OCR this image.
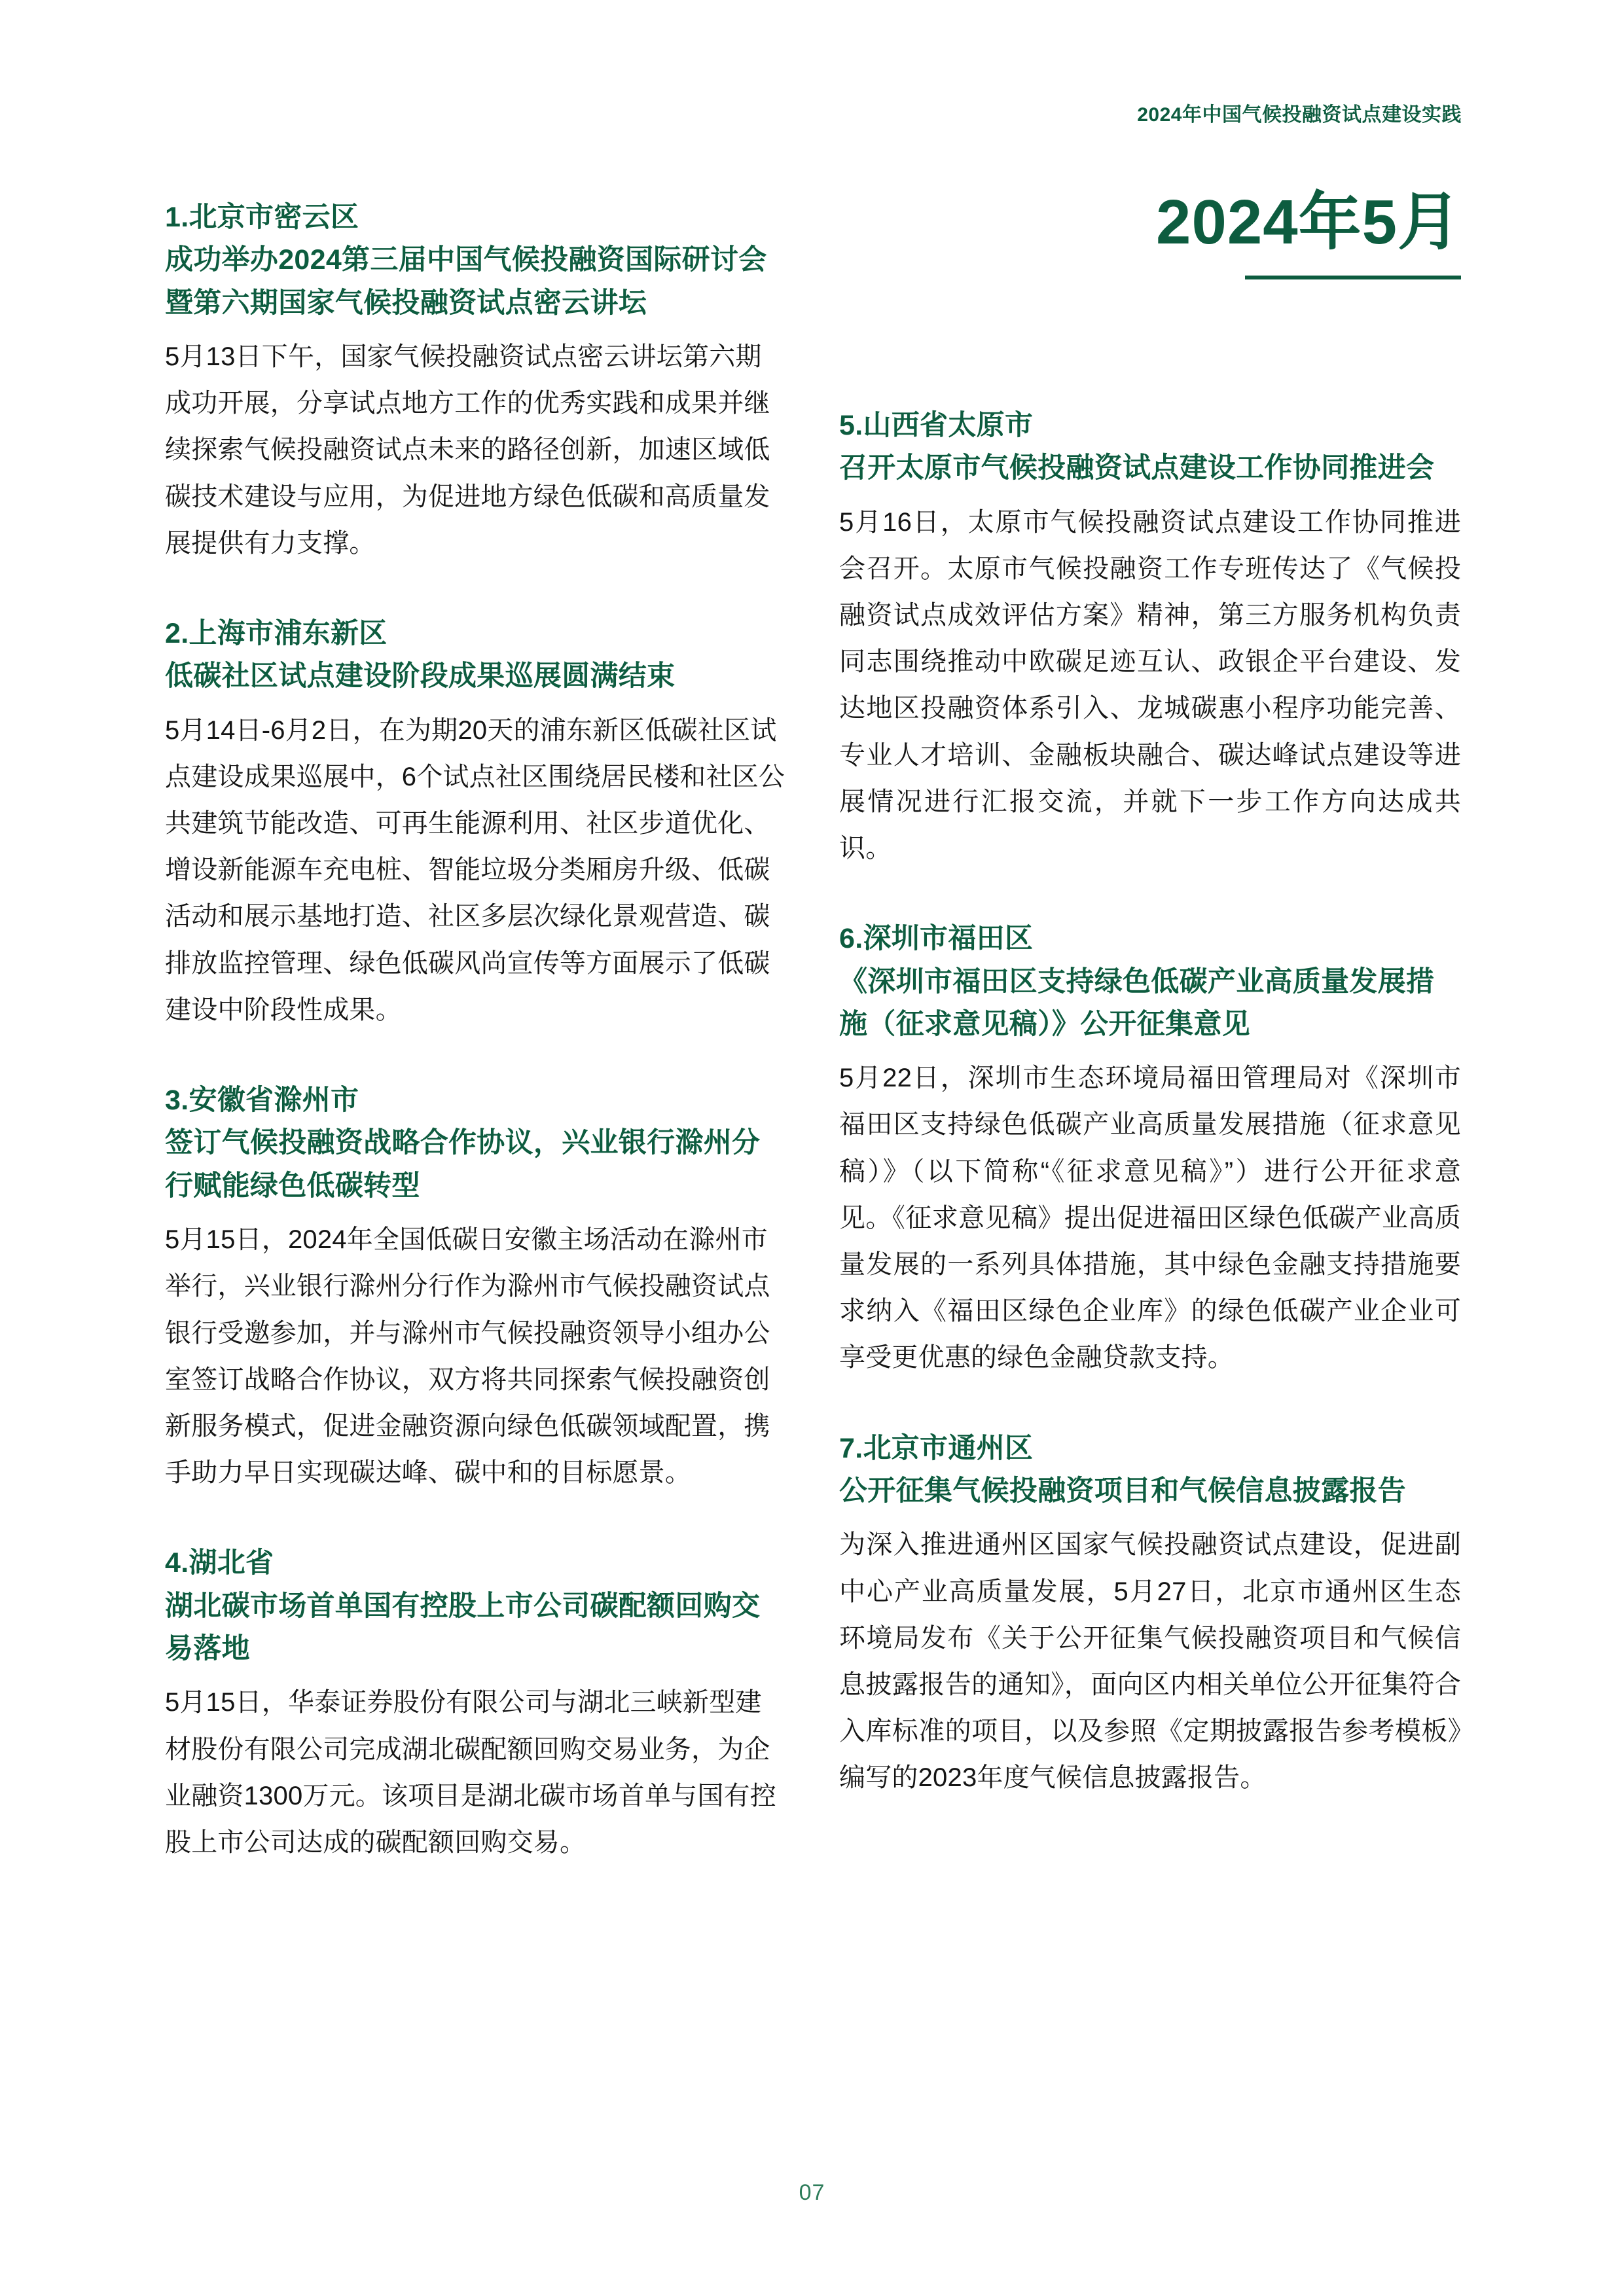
2024年中国气候投融资试点建设实践
2024年5月
1.北京市密云区
成功举办2024第三届中国气候投融资国际研讨会暨第六期国家气候投融资试点密云讲坛
5月13日下午，国家气候投融资试点密云讲坛第六期成功开展，分享试点地方工作的优秀实践和成果并继续探索气候投融资试点未来的路径创新，加速区域低碳技术建设与应用，为促进地方绿色低碳和高质量发展提供有力支撑。
2.上海市浦东新区
低碳社区试点建设阶段成果巡展圆满结束
5月14日-6月2日，在为期20天的浦东新区低碳社区试点建设成果巡展中，6个试点社区围绕居民楼和社区公共建筑节能改造、可再生能源利用、社区步道优化、增设新能源车充电桩、智能垃圾分类厢房升级、低碳活动和展示基地打造、社区多层次绿化景观营造、碳排放监控管理、绿色低碳风尚宣传等方面展示了低碳建设中阶段性成果。
3.安徽省滁州市
签订气候投融资战略合作协议，兴业银行滁州分行赋能绿色低碳转型
5月15日，2024年全国低碳日安徽主场活动在滁州市举行，兴业银行滁州分行作为滁州市气候投融资试点银行受邀参加，并与滁州市气候投融资领导小组办公室签订战略合作协议，双方将共同探索气候投融资创新服务模式，促进金融资源向绿色低碳领域配置，携手助力早日实现碳达峰、碳中和的目标愿景。
4.湖北省
湖北碳市场首单国有控股上市公司碳配额回购交易落地
5月15日，华泰证券股份有限公司与湖北三峡新型建材股份有限公司完成湖北碳配额回购交易业务，为企业融资1300万元。该项目是湖北碳市场首单与国有控股上市公司达成的碳配额回购交易。
5.山西省太原市
召开太原市气候投融资试点建设工作协同推进会
5月16日，太原市气候投融资试点建设工作协同推进会召开。太原市气候投融资工作专班传达了《气候投融资试点成效评估方案》精神，第三方服务机构负责同志围绕推动中欧碳足迹互认、政银企平台建设、发达地区投融资体系引入、龙城碳惠小程序功能完善、专业人才培训、金融板块融合、碳达峰试点建设等进展情况进行汇报交流，并就下一步工作方向达成共识。
6.深圳市福田区
《深圳市福田区支持绿色低碳产业高质量发展措施（征求意见稿）》公开征集意见
5月22日，深圳市生态环境局福田管理局对《深圳市福田区支持绿色低碳产业高质量发展措施（征求意见稿）》（以下简称“《征求意见稿》”）进行公开征求意见。《征求意见稿》提出促进福田区绿色低碳产业高质量发展的一系列具体措施，其中绿色金融支持措施要求纳入《福田区绿色企业库》的绿色低碳产业企业可享受更优惠的绿色金融贷款支持。
7.北京市通州区
公开征集气候投融资项目和气候信息披露报告
为深入推进通州区国家气候投融资试点建设，促进副中心产业高质量发展，5月27日，北京市通州区生态环境局发布《关于公开征集气候投融资项目和气候信息披露报告的通知》，面向区内相关单位公开征集符合入库标准的项目，以及参照《定期披露报告参考模板》编写的2023年度气候信息披露报告。
07
